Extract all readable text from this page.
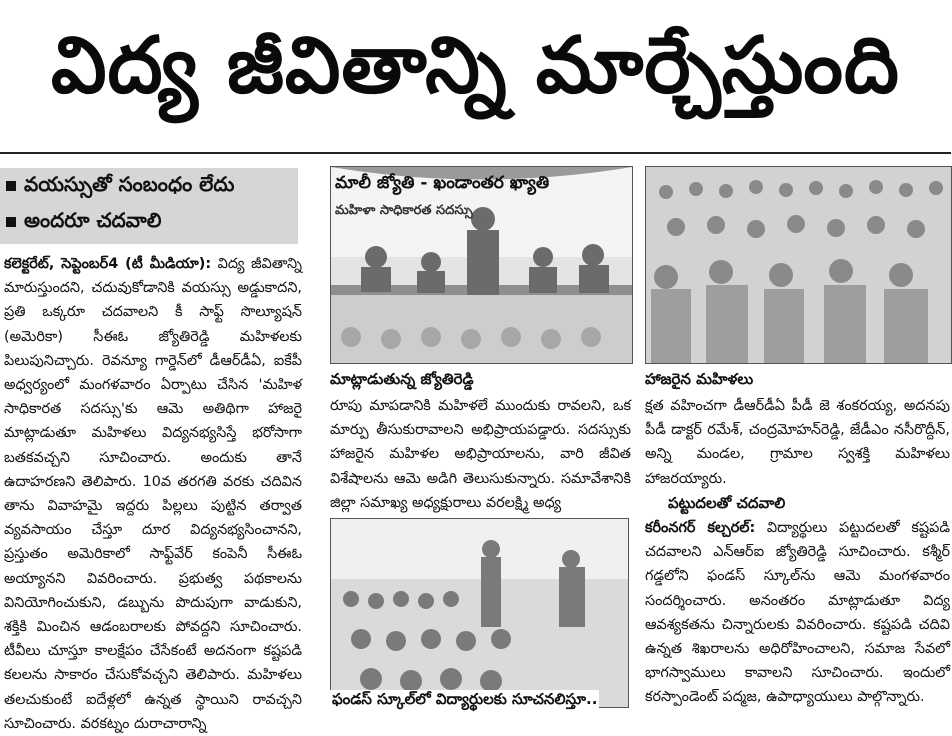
విద్య జీవితాన్ని మార్చేస్తుంది
వయస్సుతో సంబంధం లేదు
అందరూ చదవాలి

కలెక్టరేట్, సెప్టెంబర్4 (టీ మీడియా): విద్య జీవితాన్ని మారుస్తుందని, చదువుకోడానికి వయస్సు అడ్డుకాదని, ప్రతి ఒక్కరూ చదవాలని కీ సాఫ్ట్ సొల్యూషన్ (అమెరికా) సీఈఓ జ్యోతిరెడ్డి మహిళలకు పిలుపునిచ్చారు. రెవన్యూ గార్డెన్‌లో డీఆర్‌డీఏ, ఐకేపీ అధ్వర్యంలో మంగళవారం ఏర్పాటు చేసిన 'మహిళ సాధికారత సదస్సు'కు ఆమె అతిథిగా హాజరై మాట్లాడుతూ మహిళలు విద్యనభ్యసిస్తే భరోసాగా బతకవచ్చని సూచించారు. అందుకు తానే ఉదాహరణని తెలిపారు. 10వ తరగతి వరకు చదివిన తాను వివాహమై ఇద్దరు పిల్లలు పుట్టిన తర్వాత వ్యవసాయం చేస్తూ దూర విద్యనభ్యసించానని, ప్రస్తుతం అమెరికాలో సాఫ్ట్‌వేర్ కంపెనీ సీఈఓ అయ్యానని వివరించారు. ప్రభుత్వ పథకాలను వినియోగించుకుని, డబ్బును పొదుపుగా వాడుకుని, శక్తికి మించిన ఆడంబరాలకు పోవద్దని సూచించారు. టీవీలు చూస్తూ కాలక్షేపం చేసేకంటే అదనంగా కష్టపడి కలలను సాకారం చేసుకోవచ్చని తెలిపారు. మహిళలు తలచుకుంటే ఐదేళ్లలో ఉన్నత స్థాయిని రావచ్చని సూచించారు. వరకట్నం దురాచారాన్ని

మాలీ జ్యోతి - ఖండాంతర ఖ్యాతి
మహిళా సాధికారత సదస్సు
మాట్లాడుతున్న జ్యోతిరెడ్డి	హాజరైన మహిళలు

రూపు మాపడానికి మహిళలే ముందుకు రావలని, ఒక మార్పు తీసుకురావాలని అభిప్రాయపడ్డారు. సదస్సుకు హాజరైన మహిళల అభిప్రాయాలను, వారి జీవిత విశేషాలను ఆమె అడిగి తెలుసుకున్నారు. సమావేశానికి జిల్లా సమాఖ్య అధ్యక్షురాలు వరలక్ష్మి అధ్య

క్షత వహించగా డీఆర్‌డీఏ పీడీ జె శంకరయ్య, అదనపు పీడీ డాక్టర్ రమేశ్, చంద్రమోహన్‌రెడ్డి, జేడీఎం నసీరొద్దీన్, అన్ని మండల, గ్రామాల స్వశక్తి మహిళలు హాజరయ్యారు.

పట్టుదలతో చదవాలి

కరీంనగర్ కల్చరల్: విద్యార్థులు పట్టుదలతో కష్టపడి చదవాలని ఎన్ఆర్ఐ జ్యోతిరెడ్డి సూచించారు. కశ్మీర్ గడ్డలోని ఫండస్ స్కూల్‌ను ఆమె మంగళవారం సందర్శించారు. అనంతరం మాట్లాడుతూ విద్య ఆవశ్యకతను చిన్నారులకు వివరించారు. కష్టపడి చదివి ఉన్నత శిఖరాలను అధిరోహించాలని, సమాజ సేవలో భాగస్వాములు కావాలని సూచించారు. ఇందులో కరస్పాండెంట్ పద్మజ, ఉపాధ్యాయులు పాల్గొన్నారు.

ఫండస్ స్కూల్‌లో విద్యార్థులకు సూచనలిస్తూ..
